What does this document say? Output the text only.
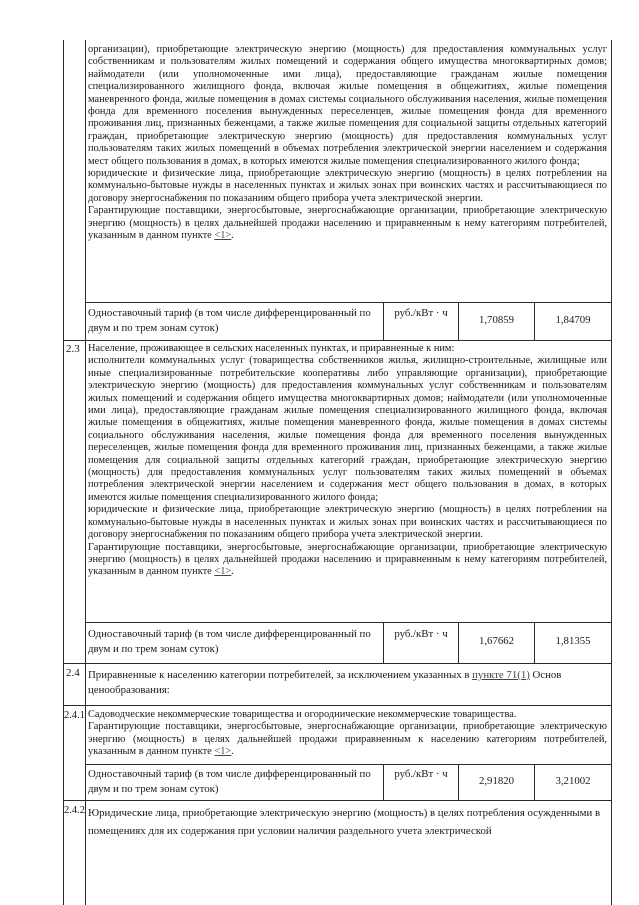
организации), приобретающие электрическую энергию (мощность) для предоставления коммунальных услуг собственникам и пользователям жилых помещений и содержания общего имущества многоквартирных домов; наймодатели (или уполномоченные ими лица), предоставляющие гражданам жилые помещения специализированного жилищного фонда, включая жилые помещения в общежитиях, жилые помещения маневренного фонда, жилые помещения в домах системы социального обслуживания населения, жилые помещения фонда для временного поселения вынужденных переселенцев, жилые помещения фонда для временного проживания лиц, признанных беженцами, а также жилые помещения для социальной защиты отдельных категорий граждан, приобретающие электрическую энергию (мощность) для предоставления коммунальных услуг пользователям таких жилых помещений в объемах потребления электрической энергии населением и содержания мест общего пользования в домах, в которых имеются жилые помещения специализированного жилого фонда;

юридические и физические лица, приобретающие электрическую энергию (мощность) в целях потребления на коммунально-бытовые нужды в населенных пунктах и жилых зонах при воинских частях и рассчитывающиеся по договору энергоснабжения по показаниям общего прибора учета электрической энергии.

Гарантирующие поставщики, энергосбытовые, энергоснабжающие организации, приобретающие электрическую энергию (мощность) в целях дальнейшей продажи населению и приравненным к нему категориям потребителей, указанным в данном пункте <1>.

Одноставочный тариф (в том числе дифференцированный по двум и по трем зонам суток)
руб./кВт · ч
1,70859	1,84709
2.3 Население, проживающее в сельских населенных пунктах, и приравненные к ним:

исполнители коммунальных услуг (товарищества собственников жилья, жилищно-строительные, жилищные или иные специализированные потребительские кооперативы либо управляющие организации), приобретающие электрическую энергию (мощность) для предоставления коммунальных услуг собственникам и пользователям жилых помещений и содержания общего имущества многоквартирных домов; наймодатели (или уполномоченные ими лица), предоставляющие гражданам жилые помещения специализированного жилищного фонда, включая жилые помещения в общежитиях, жилые помещения маневренного фонда, жилые помещения в домах системы социального обслуживания населения, жилые помещения фонда для временного поселения вынужденных переселенцев, жилые помещения фонда для временного проживания лиц, признанных беженцами, а также жилые помещения для социальной защиты отдельных категорий граждан, приобретающие электрическую энергию (мощность) для предоставления коммунальных услуг пользователям таких жилых помещений в объемах потребления электрической энергии населением и содержания мест общего пользования в домах, в которых имеются жилые помещения специализированного жилого фонда;

юридические и физические лица, приобретающие электрическую энергию (мощность) в целях потребления на коммунально-бытовые нужды в населенных пунктах и жилых зонах при воинских частях и рассчитывающиеся по договору энергоснабжения по показаниям общего прибора учета электрической энергии.

Гарантирующие поставщики, энергосбытовые, энергоснабжающие организации, приобретающие электрическую энергию (мощность) в целях дальнейшей продажи населению и приравненным к нему категориям потребителей, указанным в данном пункте <1>.

Одноставочный тариф (в том числе дифференцированный по двум и по трем зонам суток)
руб./кВт · ч
1,67662	1,81355
2.4 Приравненные к населению категории потребителей, за исключением указанных в пункте 71(1) Основ ценообразования:
2.4.1 Садоводческие некоммерческие товарищества и огороднические некоммерческие товарищества.

Гарантирующие поставщики, энергосбытовые, энергоснабжающие организации, приобретающие электрическую энергию (мощность) в целях дальнейшей продажи приравненным к населению категориям потребителей, указанным в данном пункте <1>.

Одноставочный тариф (в том числе дифференцированный по двум и по трем зонам суток)
руб./кВт · ч
2,91820	3,21002
2.4.2 Юридические лица, приобретающие электрическую энергию (мощность) в целях потребления осужденными в помещениях для их содержания при условии наличия раздельного учета электрической
